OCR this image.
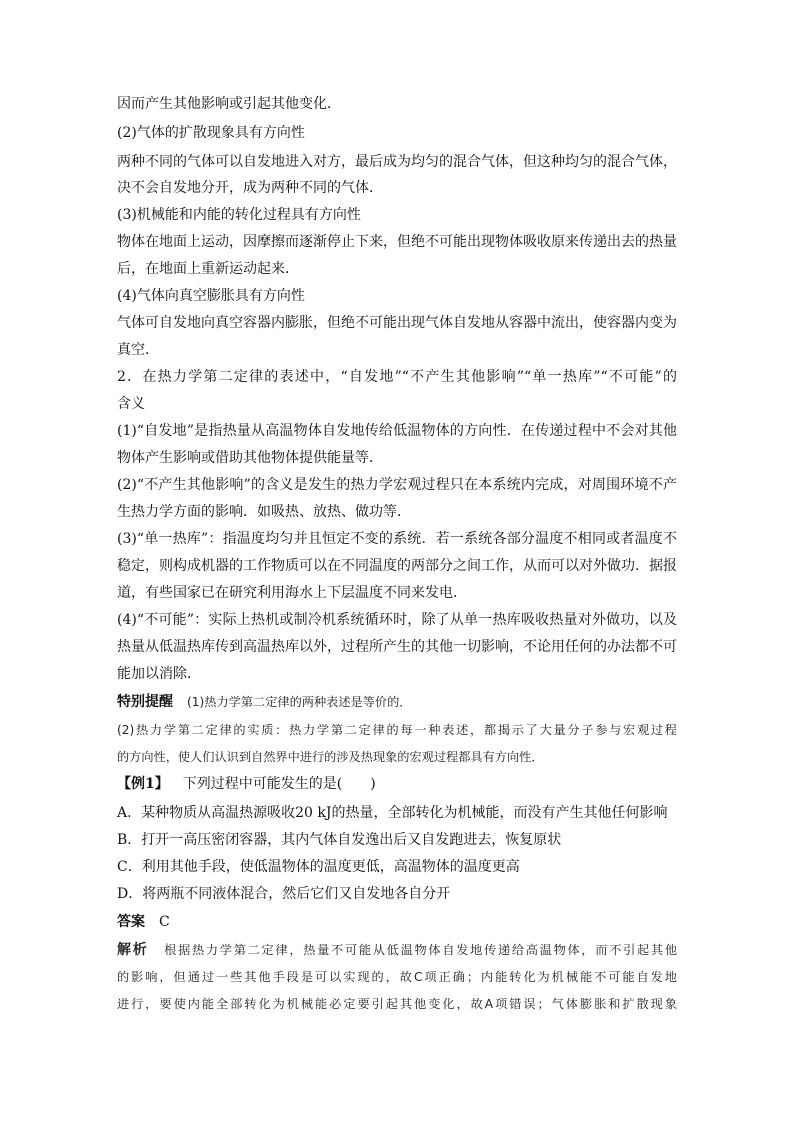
因而产生其他影响或引起其他变化．
(2)气体的扩散现象具有方向性
两种不同的气体可以自发地进入对方，最后成为均匀的混合气体，但这种均匀的混合气体，
决不会自发地分开，成为两种不同的气体．
(3)机械能和内能的转化过程具有方向性
物体在地面上运动，因摩擦而逐渐停止下来，但绝不可能出现物体吸收原来传递出去的热量
后，在地面上重新运动起来．
(4)气体向真空膨胀具有方向性
气体可自发地向真空容器内膨胀，但绝不可能出现气体自发地从容器中流出，使容器内变为
真空．
2．在热力学第二定律的表述中，“自发地”“不产生其他影响”“单一热库”“不可能”的
含义
(1)“自发地”是指热量从高温物体自发地传给低温物体的方向性．在传递过程中不会对其他
物体产生影响或借助其他物体提供能量等．
(2)“不产生其他影响”的含义是发生的热力学宏观过程只在本系统内完成，对周围环境不产
生热力学方面的影响．如吸热、放热、做功等．
(3)“单一热库”：指温度均匀并且恒定不变的系统．若一系统各部分温度不相同或者温度不
稳定，则构成机器的工作物质可以在不同温度的两部分之间工作，从而可以对外做功．据报
道，有些国家已在研究利用海水上下层温度不同来发电．
(4)“不可能”：实际上热机或制冷机系统循环时，除了从单一热库吸收热量对外做功，以及
热量从低温热库传到高温热库以外，过程所产生的其他一切影响，不论用任何的办法都不可
能加以消除．
特别提醒 (1)热力学第二定律的两种表述是等价的．
(2)热力学第二定律的实质：热力学第二定律的每一种表述，都揭示了大量分子参与宏观过程
的方向性，使人们认识到自然界中进行的涉及热现象的宏观过程都具有方向性．
【例1】 下列过程中可能发生的是(　　)
A．某种物质从高温热源吸收20 kJ的热量，全部转化为机械能，而没有产生其他任何影响
B．打开一高压密闭容器，其内气体自发逸出后又自发跑进去，恢复原状
C．利用其他手段，使低温物体的温度更低，高温物体的温度更高
D．将两瓶不同液体混合，然后它们又自发地各自分开
答案 C
解析 根据热力学第二定律，热量不可能从低温物体自发地传递给高温物体，而不引起其他
的影响，但通过一些其他手段是可以实现的，故C项正确；内能转化为机械能不可能自发地
进行，要使内能全部转化为机械能必定要引起其他变化，故A项错误；气体膨胀和扩散现象
